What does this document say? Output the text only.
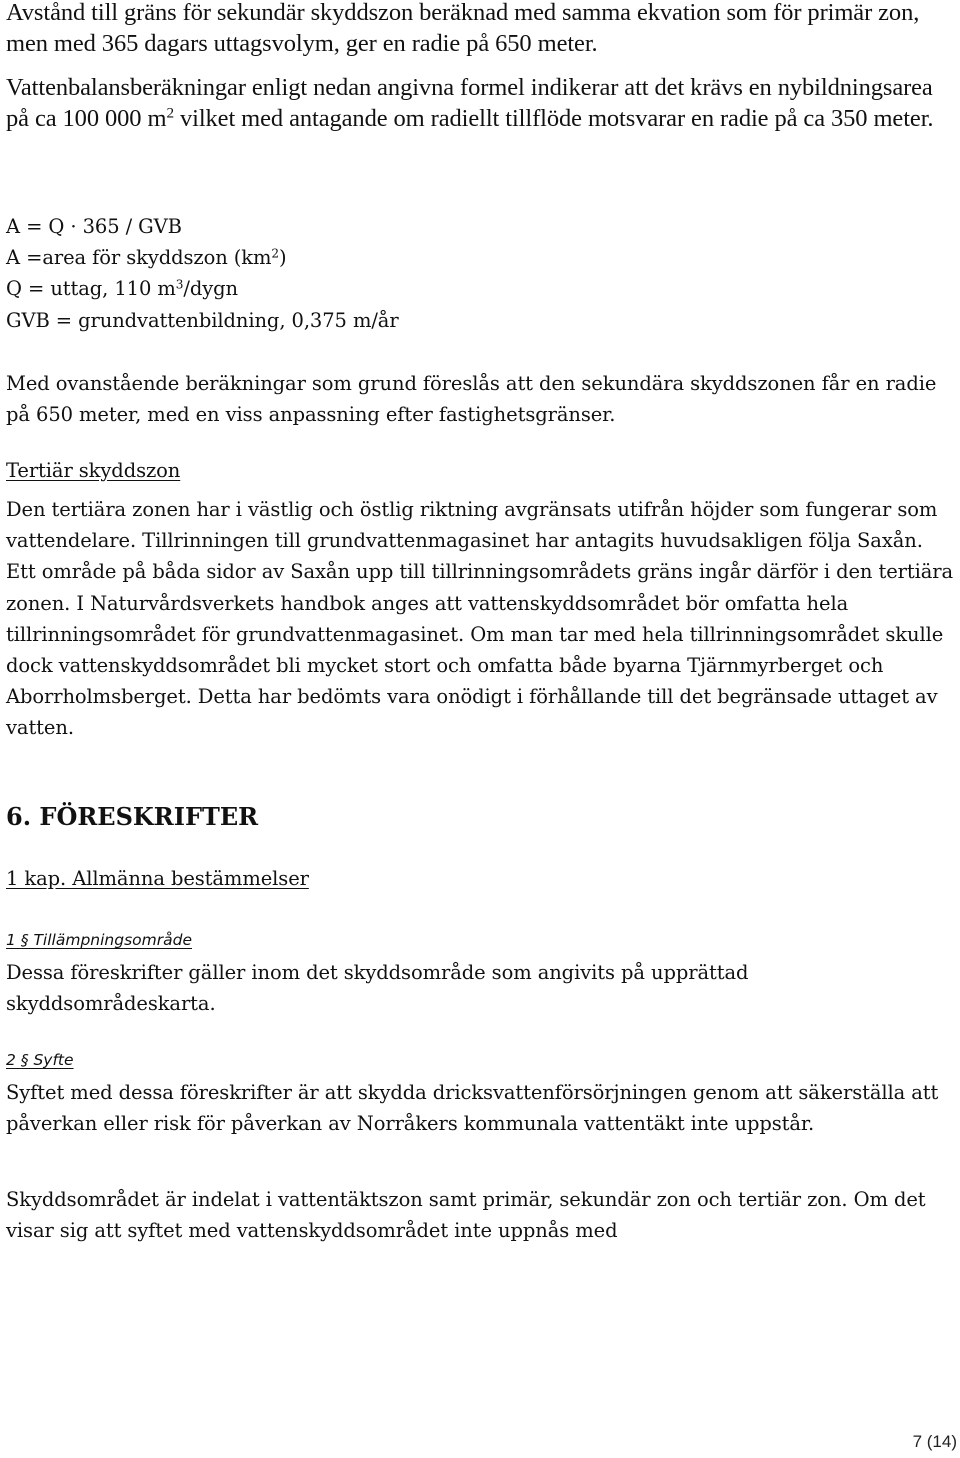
Avstånd till gräns för sekundär skyddszon beräknad med samma ekvation som för primär zon, men med 365 dagars uttagsvolym, ger en radie på 650 meter.

Vattenbalansberäkningar enligt nedan angivna formel indikerar att det krävs en nybildningsarea på ca 100 000 $m^2$ vilket med antagande om radiellt tillflöde motsvarar en radie på ca 350 meter.

A = Q · 365 / GVB
A =area för skyddszon $(km^2)$
Q = uttag, 110 $m^3$/dygn
GVB = grundvattenbildning, 0,375 m/år

Med ovanstående beräkningar som grund föreslås att den sekundära skyddszonen får en radie på 650 meter, med en viss anpassning efter fastighetsgränser.

Tertiär skyddszon

Den tertiära zonen har i västlig och östlig riktning avgränsats utifrån höjder som fungerar som vattendelare. Tillrinningen till grundvattenmagasinet har antagits huvudsakligen följa Saxån. Ett område på båda sidor av Saxån upp till tillrinningsområdets gräns ingår därför i den tertiära zonen. I Naturvårdsverkets handbok anges att vattenskyddsområdet bör omfatta hela tillrinningsområdet för grundvattenmagasinet. Om man tar med hela tillrinningsområdet skulle dock vattenskyddsområdet bli mycket stort och omfatta både byarna Tjärnmyrberget och Aborrholmsberget. Detta har bedömts vara onödigt i förhållande till det begränsade uttaget av vatten.

6. FÖRESKRIFTER

1 kap. Allmänna bestämmelser

1 § Tillämpningsområde

Dessa föreskrifter gäller inom det skyddsområde som angivits på upprättad skyddsområdeskarta.

2 § Syfte

Syftet med dessa föreskrifter är att skydda dricksvattenförsörjningen genom att säkerställa att påverkan eller risk för påverkan av Norråkers kommunala vattentäkt inte uppstår.

Skyddsområdet är indelat i vattentäktszon samt primär, sekundär zon och tertiär zon. Om det visar sig att syftet med vattenskyddsområdet inte uppnås med

7 (14)
